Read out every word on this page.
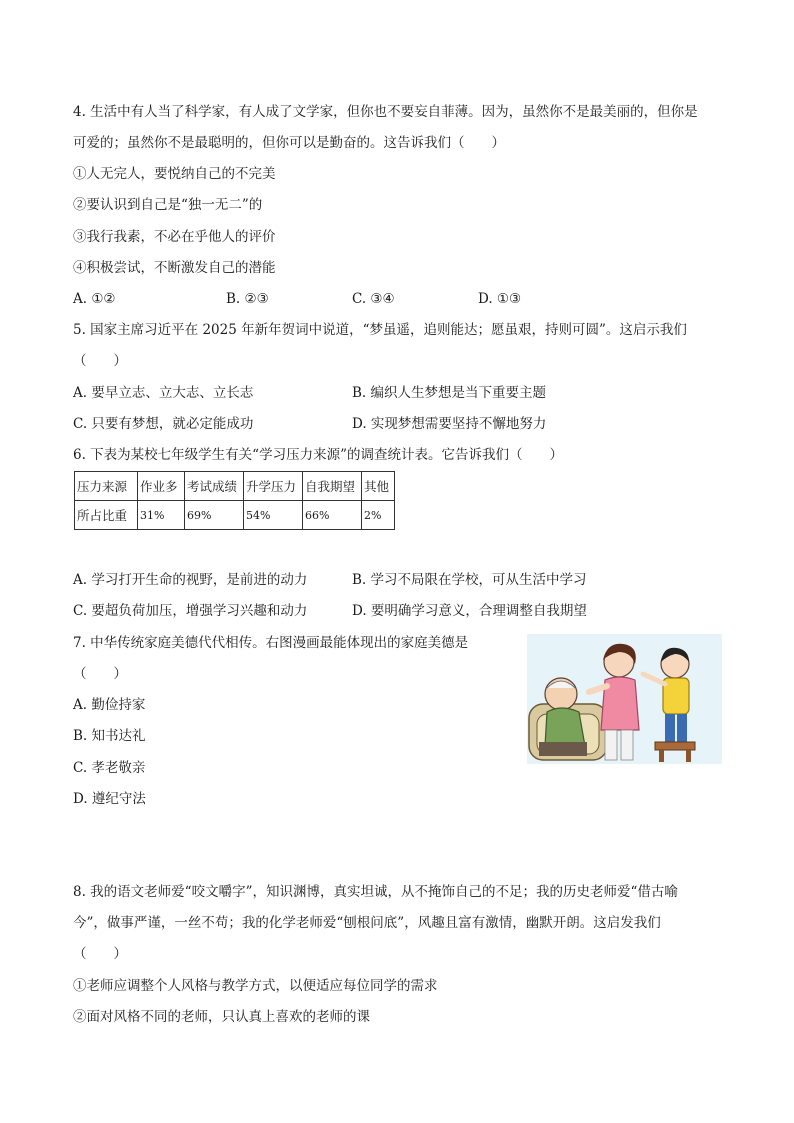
4. 生活中有人当了科学家，有人成了文学家，但你也不要妄自菲薄。因为，虽然你不是最美丽的，但你是
可爱的；虽然你不是最聪明的，但你可以是勤奋的。这告诉我们（　　）
①人无完人，要悦纳自己的不完美
②要认识到自己是“独一无二”的
③我行我素，不必在乎他人的评价
④积极尝试，不断激发自己的潜能
A. ①②	B. ②③	C. ③④	D. ①③
5. 国家主席习近平在 2025 年新年贺词中说道，“梦虽遥，追则能达；愿虽艰，持则可圆”。这启示我们
（　　）
A. 要早立志、立大志、立长志	B. 编织人生梦想是当下重要主题
C. 只要有梦想，就必定能成功	D. 实现梦想需要坚持不懈地努力
6. 下表为某校七年级学生有关“学习压力来源”的调查统计表。它告诉我们（　　）
压力来源	作业多	考试成绩	升学压力	自我期望	其他
所占比重	31%	69%	54%	66%	2%
A. 学习打开生命的视野，是前进的动力	B. 学习不局限在学校，可从生活中学习
C. 要超负荷加压，增强学习兴趣和动力	D. 要明确学习意义，合理调整自我期望
7. 中华传统家庭美德代代相传。右图漫画最能体现出的家庭美德是
（　　）
A. 勤俭持家
B. 知书达礼
C. 孝老敬亲
D. 遵纪守法
8. 我的语文老师爱“咬文嚼字”，知识渊博，真实坦诚，从不掩饰自己的不足；我的历史老师爱“借古喻
今”，做事严谨，一丝不苟；我的化学老师爱“刨根问底”，风趣且富有激情，幽默开朗。这启发我们
（　　）
①老师应调整个人风格与教学方式，以便适应每位同学的需求
②面对风格不同的老师，只认真上喜欢的老师的课
